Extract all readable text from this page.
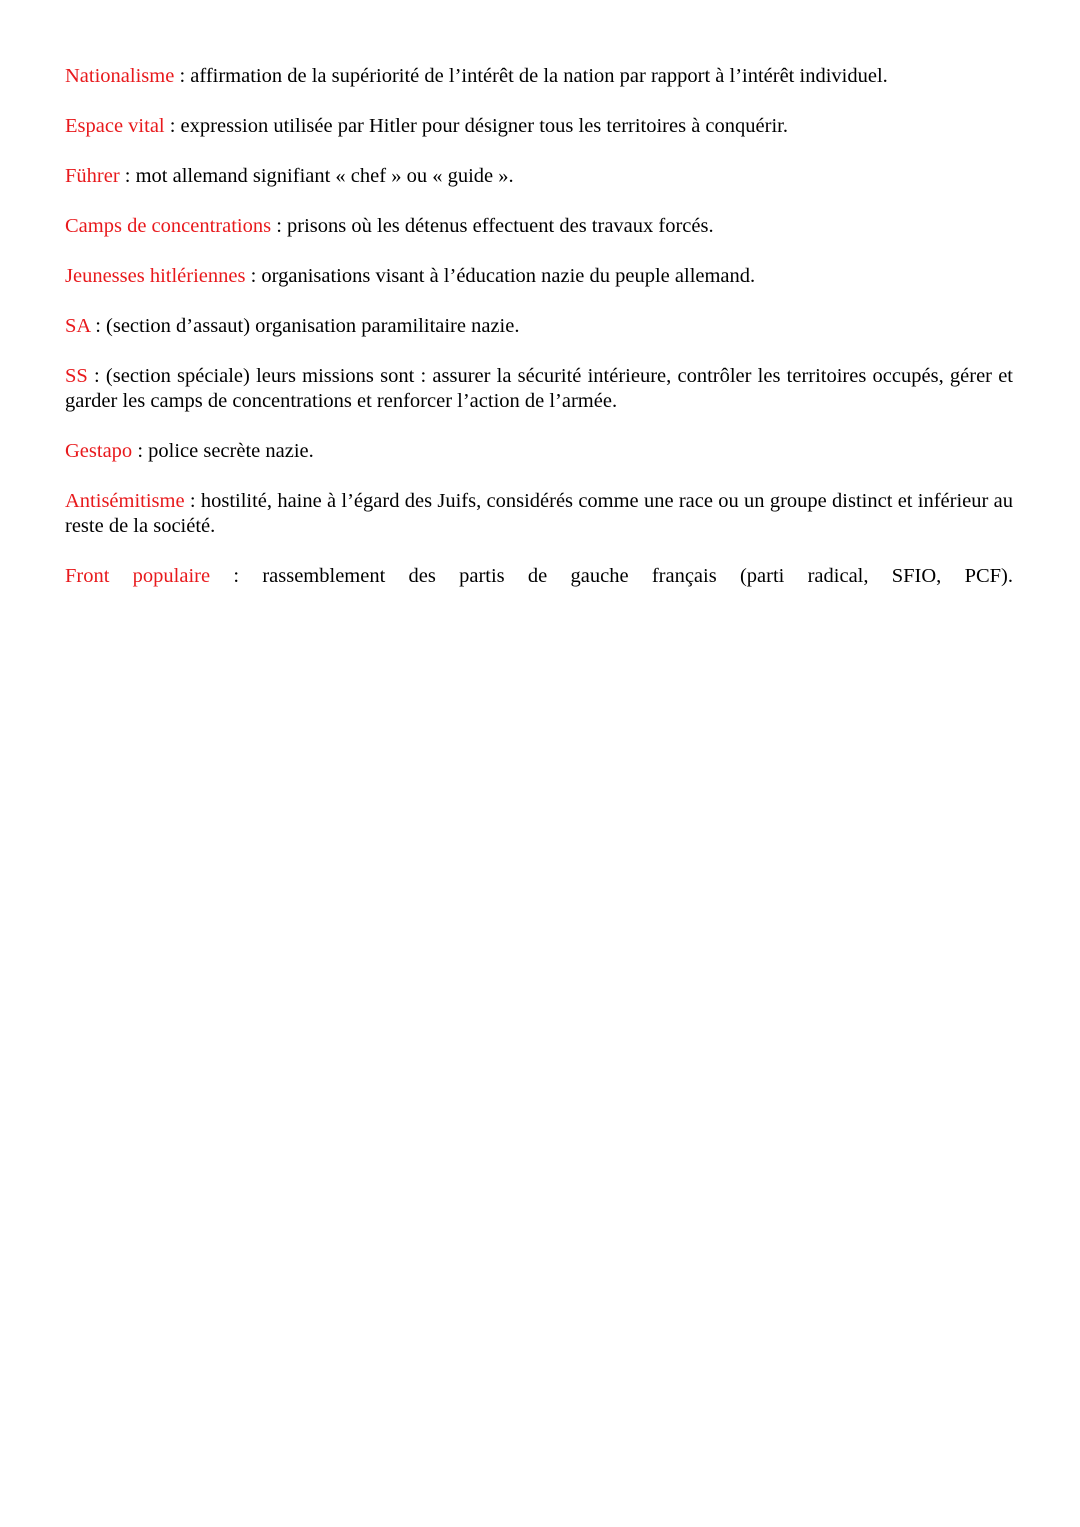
Nationalisme : affirmation de la supériorité de l’intérêt de la nation par rapport à l’intérêt individuel.

Espace vital : expression utilisée par Hitler pour désigner tous les territoires à conquérir.

Führer : mot allemand signifiant « chef » ou « guide ».

Camps de concentrations : prisons où les détenus effectuent des travaux forcés.

Jeunesses hitlériennes : organisations visant à l’éducation nazie du peuple allemand.

SA : (section d’assaut) organisation paramilitaire nazie.

SS : (section spéciale) leurs missions sont : assurer la sécurité intérieure, contrôler les territoires occupés, gérer et garder les camps de concentrations et renforcer l’action de l’armée.

Gestapo : police secrète nazie.

Antisémitisme : hostilité, haine à l’égard des Juifs, considérés comme une race ou un groupe distinct et inférieur au reste de la société.

Front populaire : rassemblement des partis de gauche français (parti radical, SFIO, PCF).
